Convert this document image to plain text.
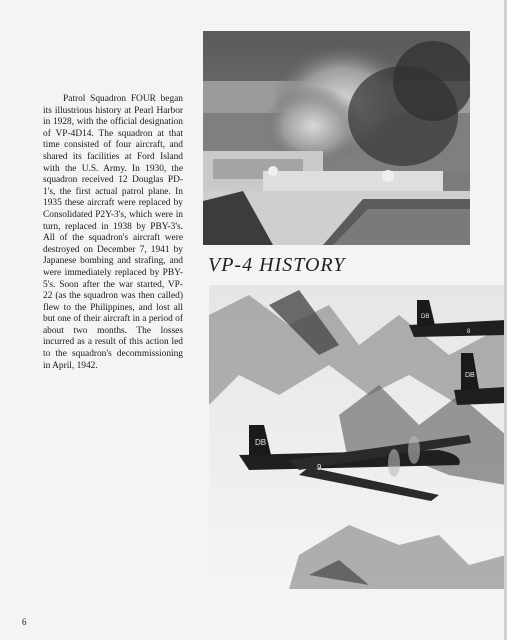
Patrol Squadron FOUR began its illustrious history at Pearl Harbor in 1928, with the official designation of VP-4D14. The squadron at that time consisted of four aircraft, and shared its facilities at Ford Island with the U.S. Army. In 1930, the squadron received 12 Douglas PD-1's, the first actual patrol plane. In 1935 these aircraft were replaced by Consolidated P2Y-3's, which were in turn, replaced in 1938 by PBY-3's. All of the squadron's aircraft were destroyed on December 7, 1941 by Japanese bombing and strafing, and were immediately replaced by PBY-5's. Soon after the war started, VP-22 (as the squadron was then called) flew to the Philippines, and lost all but one of their aircraft in a period of about two months. The losses incurred as a result of this action led to the squadron's decommissioning in April, 1942.

VP-4 HISTORY
DB
DB
DB
9
8
6
